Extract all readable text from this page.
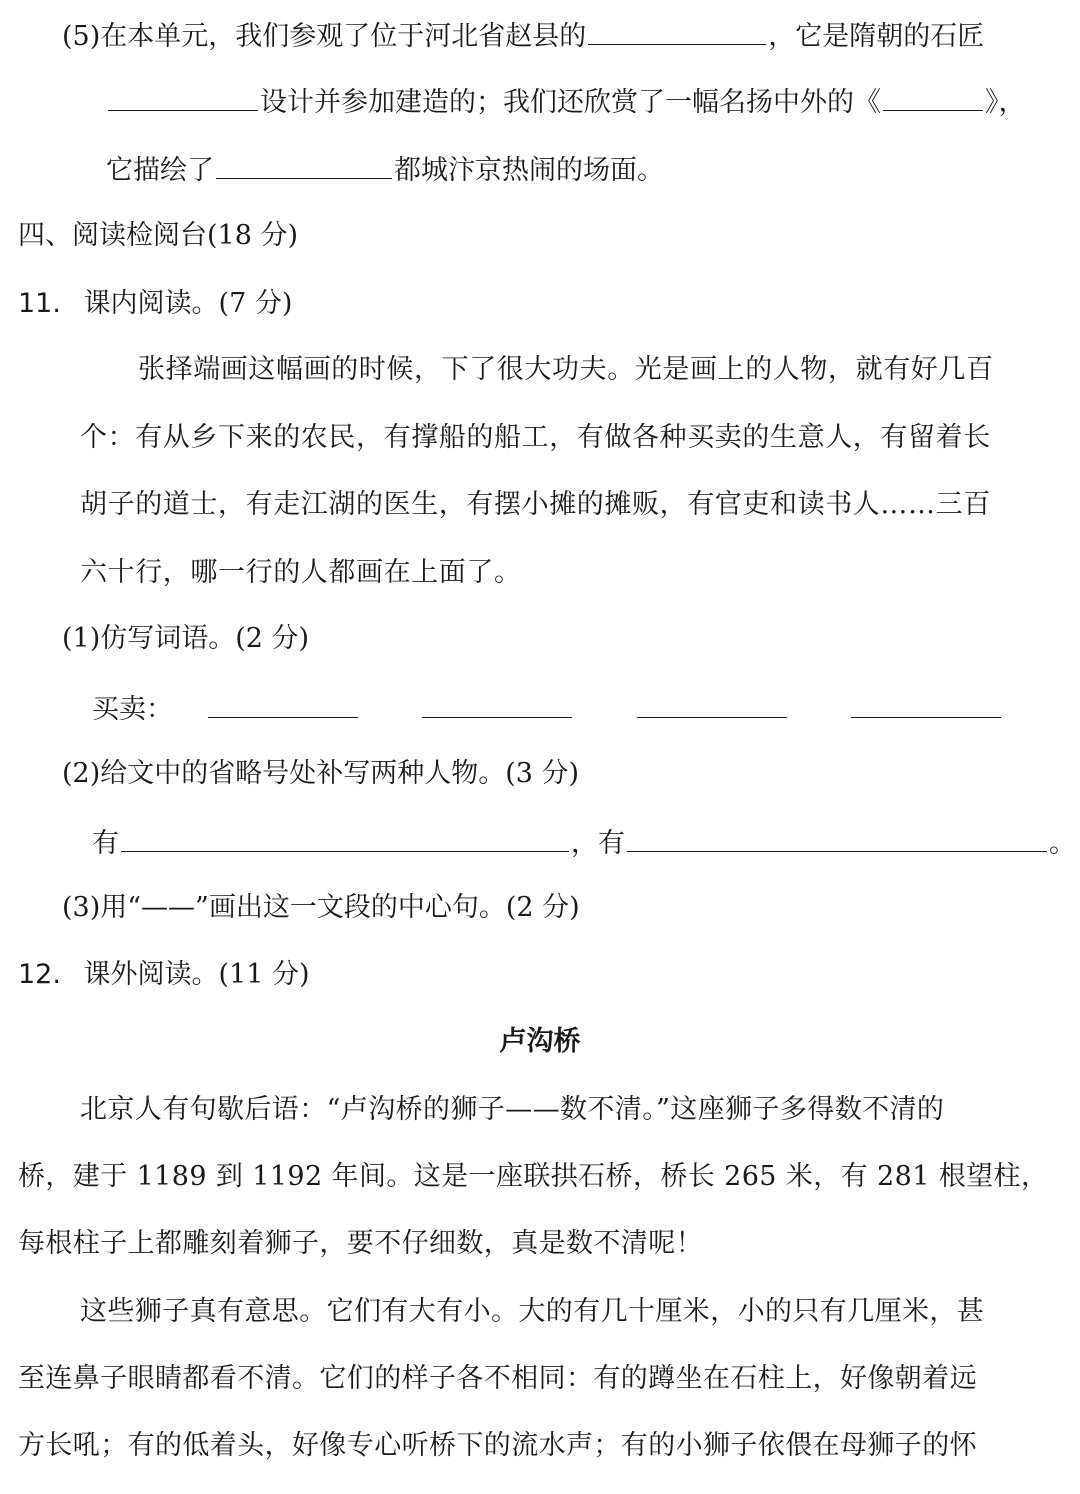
(5)在本单元，我们参观了位于河北省赵县的	，它是隋朝的石匠
设计并参加建造的；我们还欣赏了一幅名扬中外的《	》，
它描绘了	都城汴京热闹的场面。
四、阅读检阅台(18 分)
11. 课内阅读。(7 分)
张择端画这幅画的时候，下了很大功夫。光是画上的人物，就有好几百
个：有从乡下来的农民，有撑船的船工，有做各种买卖的生意人，有留着长
胡子的道士，有走江湖的医生，有摆小摊的摊贩，有官吏和读书人……三百
六十行，哪一行的人都画在上面了。
(1)仿写词语。(2 分)
买卖：
(2)给文中的省略号处补写两种人物。(3 分)
有	，有	。
(3)用“——”画出这一文段的中心句。(2 分)
12. 课外阅读。(11 分)
卢沟桥
北京人有句歇后语：“卢沟桥的狮子——数不清。”这座狮子多得数不清的
桥，建于 1189 到 1192 年间。这是一座联拱石桥，桥长 265 米，有 281 根望柱，
每根柱子上都雕刻着狮子，要不仔细数，真是数不清呢！
这些狮子真有意思。它们有大有小。大的有几十厘米，小的只有几厘米，甚
至连鼻子眼睛都看不清。它们的样子各不相同：有的蹲坐在石柱上，好像朝着远
方长吼；有的低着头，好像专心听桥下的流水声；有的小狮子依偎在母狮子的怀
